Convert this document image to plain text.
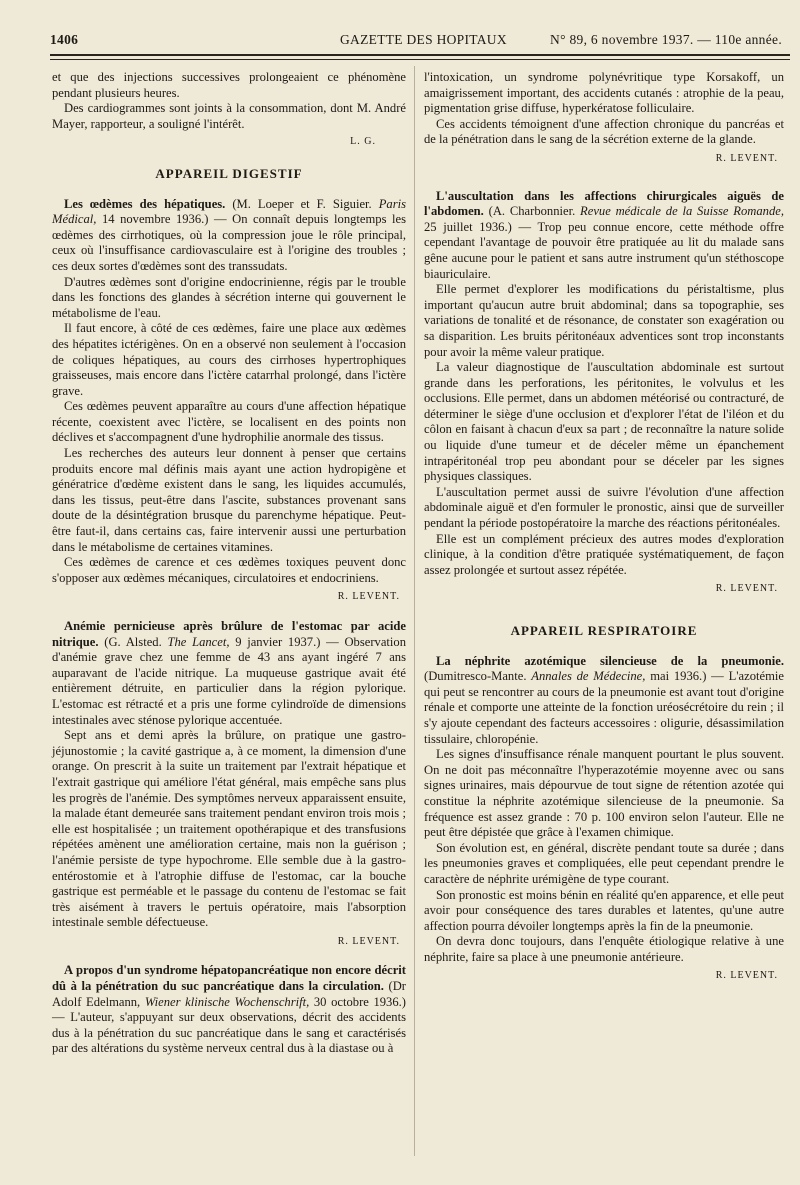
1406	GAZETTE DES HOPITAUX	N° 89, 6 novembre 1937. — 110e année.

et que des injections successives prolongeaient ce phénomène pendant plusieurs heures.

Des cardiogrammes sont joints à la consommation, dont M. André Mayer, rapporteur, a souligné l'intérêt.

L. G.
APPAREIL DIGESTIF

Les œdèmes des hépatiques. (M. Loeper et F. Siguier. Paris Médical, 14 novembre 1936.) — On connaît depuis longtemps les œdèmes des cirrhotiques, où la compression joue le rôle principal, ceux où l'insuffisance cardiovasculaire est à l'origine des troubles ; ces deux sortes d'œdèmes sont des transsudats.

D'autres œdèmes sont d'origine endocrinienne, régis par le trouble dans les fonctions des glandes à sécrétion interne qui gouvernent le métabolisme de l'eau.

Il faut encore, à côté de ces œdèmes, faire une place aux œdèmes des hépatites ictérigènes. On en a observé non seulement à l'occasion de coliques hépatiques, au cours des cirrhoses hypertrophiques graisseuses, mais encore dans l'ictère catarrhal prolongé, dans l'ictère grave.

Ces œdèmes peuvent apparaître au cours d'une affection hépatique récente, coexistent avec l'ictère, se localisent en des points non déclives et s'accompagnent d'une hydrophilie anormale des tissus.

Les recherches des auteurs leur donnent à penser que certains produits encore mal définis mais ayant une action hydropigène et génératrice d'œdème existent dans le sang, les liquides accumulés, dans les tissus, peut-être dans l'ascite, substances provenant sans doute de la désintégration brusque du parenchyme hépatique. Peut-être faut-il, dans certains cas, faire intervenir aussi une perturbation dans le métabolisme de certaines vitamines.

Ces œdèmes de carence et ces œdèmes toxiques peuvent donc s'opposer aux œdèmes mécaniques, circulatoires et endocriniens.

R. LEVENT.

Anémie pernicieuse après brûlure de l'estomac par acide nitrique. (G. Alsted. The Lancet, 9 janvier 1937.) — Observation d'anémie grave chez une femme de 43 ans ayant ingéré 7 ans auparavant de l'acide nitrique. La muqueuse gastrique avait été entièrement détruite, en particulier dans la région pylorique. L'estomac est rétracté et a pris une forme cylindroïde de dimensions intestinales avec sténose pylorique accentuée.

Sept ans et demi après la brûlure, on pratique une gastro-jéjunostomie ; la cavité gastrique a, à ce moment, la dimension d'une orange. On prescrit à la suite un traitement par l'extrait hépatique et l'extrait gastrique qui améliore l'état général, mais empêche sans plus les progrès de l'anémie. Des symptômes nerveux apparaissent ensuite, la malade étant demeurée sans traitement pendant environ trois mois ; elle est hospitalisée ; un traitement opothérapique et des transfusions répétées amènent une amélioration certaine, mais non la guérison ; l'anémie persiste de type hypochrome. Elle semble due à la gastro-entérostomie et à l'atrophie diffuse de l'estomac, car la bouche gastrique est perméable et le passage du contenu de l'estomac se fait très aisément à travers le pertuis opératoire, mais l'absorption intestinale semble défectueuse.

R. LEVENT.

A propos d'un syndrome hépatopancréatique non encore décrit dû à la pénétration du suc pancréatique dans la circulation. (Dr Adolf Edelmann, Wiener klinische Wochenschrift, 30 octobre 1936.) — L'auteur, s'appuyant sur deux observations, décrit des accidents dus à la pénétration du suc pancréatique dans le sang et caractérisés par des altérations du système nerveux central dus à la diastase ou à

l'intoxication, un syndrome polynévritique type Korsakoff, un amaigrissement important, des accidents cutanés : atrophie de la peau, pigmentation grise diffuse, hyperkératose folliculaire.

Ces accidents témoignent d'une affection chronique du pancréas et de la pénétration dans le sang de la sécrétion externe de la glande.

R. LEVENT.

L'auscultation dans les affections chirurgicales aiguës de l'abdomen. (A. Charbonnier. Revue médicale de la Suisse Romande, 25 juillet 1936.) — Trop peu connue encore, cette méthode offre cependant l'avantage de pouvoir être pratiquée au lit du malade sans gêne aucune pour le patient et sans autre instrument qu'un stéthoscope biauriculaire.

Elle permet d'explorer les modifications du péristaltisme, plus important qu'aucun autre bruit abdominal; dans sa topographie, ses variations de tonalité et de résonance, de constater son exagération ou sa disparition. Les bruits péritonéaux adventices sont trop inconstants pour avoir la même valeur pratique.

La valeur diagnostique de l'auscultation abdominale est surtout grande dans les perforations, les péritonites, le volvulus et les occlusions. Elle permet, dans un abdomen météorisé ou contracturé, de déterminer le siège d'une occlusion et d'explorer l'état de l'iléon et du côlon en faisant à chacun d'eux sa part ; de reconnaître la nature solide ou liquide d'une tumeur et de déceler même un épanchement intrapéritonéal trop peu abondant pour se déceler par les signes physiques classiques.

L'auscultation permet aussi de suivre l'évolution d'une affection abdominale aiguë et d'en formuler le pronostic, ainsi que de surveiller pendant la période postopératoire la marche des réactions péritonéales.

Elle est un complément précieux des autres modes d'exploration clinique, à la condition d'être pratiquée systématiquement, de façon assez prolongée et surtout assez répétée.

R. LEVENT.
APPAREIL RESPIRATOIRE

La néphrite azotémique silencieuse de la pneumonie. (Dumitresco-Mante. Annales de Médecine, mai 1936.) — L'azotémie qui peut se rencontrer au cours de la pneumonie est avant tout d'origine rénale et comporte une atteinte de la fonction uréosécrétoire du rein ; il s'y ajoute cependant des facteurs accessoires : oligurie, désassimilation tissulaire, chloropénie.

Les signes d'insuffisance rénale manquent pourtant le plus souvent. On ne doit pas méconnaître l'hyperazotémie moyenne avec ou sans signes urinaires, mais dépourvue de tout signe de rétention azotée qui constitue la néphrite azotémique silencieuse de la pneumonie. Sa fréquence est assez grande : 70 p. 100 environ selon l'auteur. Elle ne peut être dépistée que grâce à l'examen chimique.

Son évolution est, en général, discrète pendant toute sa durée ; dans les pneumonies graves et compliquées, elle peut cependant prendre le caractère de néphrite urémigène de type courant.

Son pronostic est moins bénin en réalité qu'en apparence, et elle peut avoir pour conséquence des tares durables et latentes, qu'une autre affection pourra dévoiler longtemps après la fin de la pneumonie.

On devra donc toujours, dans l'enquête étiologique relative à une néphrite, faire sa place à une pneumonie antérieure.

R. LEVENT.
